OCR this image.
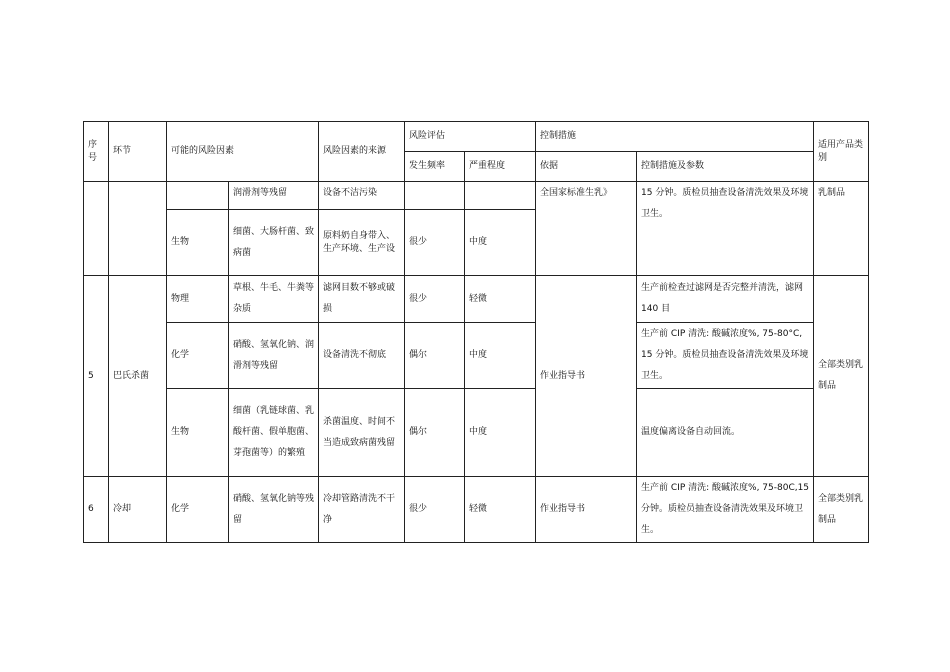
序号	环节	可能的风险因素		风险因素的来源	风险评估		控制措施		适用产品类别
					发生频率	严重程度	依据	控制措施及参数	
			润滑剂等残留	设备不洁污染			全国家标准生乳》	15 分钟。质检员抽查设备清洗效果及环境卫生。	乳制品
		生物	细菌、大肠杆菌、致病菌	原料奶自身带入、生产环境、生产设	很少	中度			
5	巴氏杀菌	物理	草根、牛毛、牛粪等杂质	滤网目数不够或破损	很少	轻微	作业指导书	生产前检查过滤网是否完整并清洗，滤网 140 目	全部类别乳制品
		化学	硝酸、氢氧化钠、润滑剂等残留	设备清洗不彻底	偶尔	中度		生产前 CIP 清洗: 酸碱浓度%, 75-80°C, 15 分钟。质检员抽查设备清洗效果及环境卫生。	
		生物	细菌（乳链球菌、乳酸杆菌、假单胞菌、芽孢菌等）的繁殖	杀菌温度、时间不当造成致病菌残留	偶尔	中度		温度偏离设备自动回流。	
6	冷却	化学	硝酸、氢氧化钠等残留	冷却管路清洗不干净	很少	轻微	作业指导书	生产前 CIP 清洗: 酸碱浓度%, 75-80C,15 分钟。质检员抽查设备清洗效果及环境卫生。	全部类别乳制品
